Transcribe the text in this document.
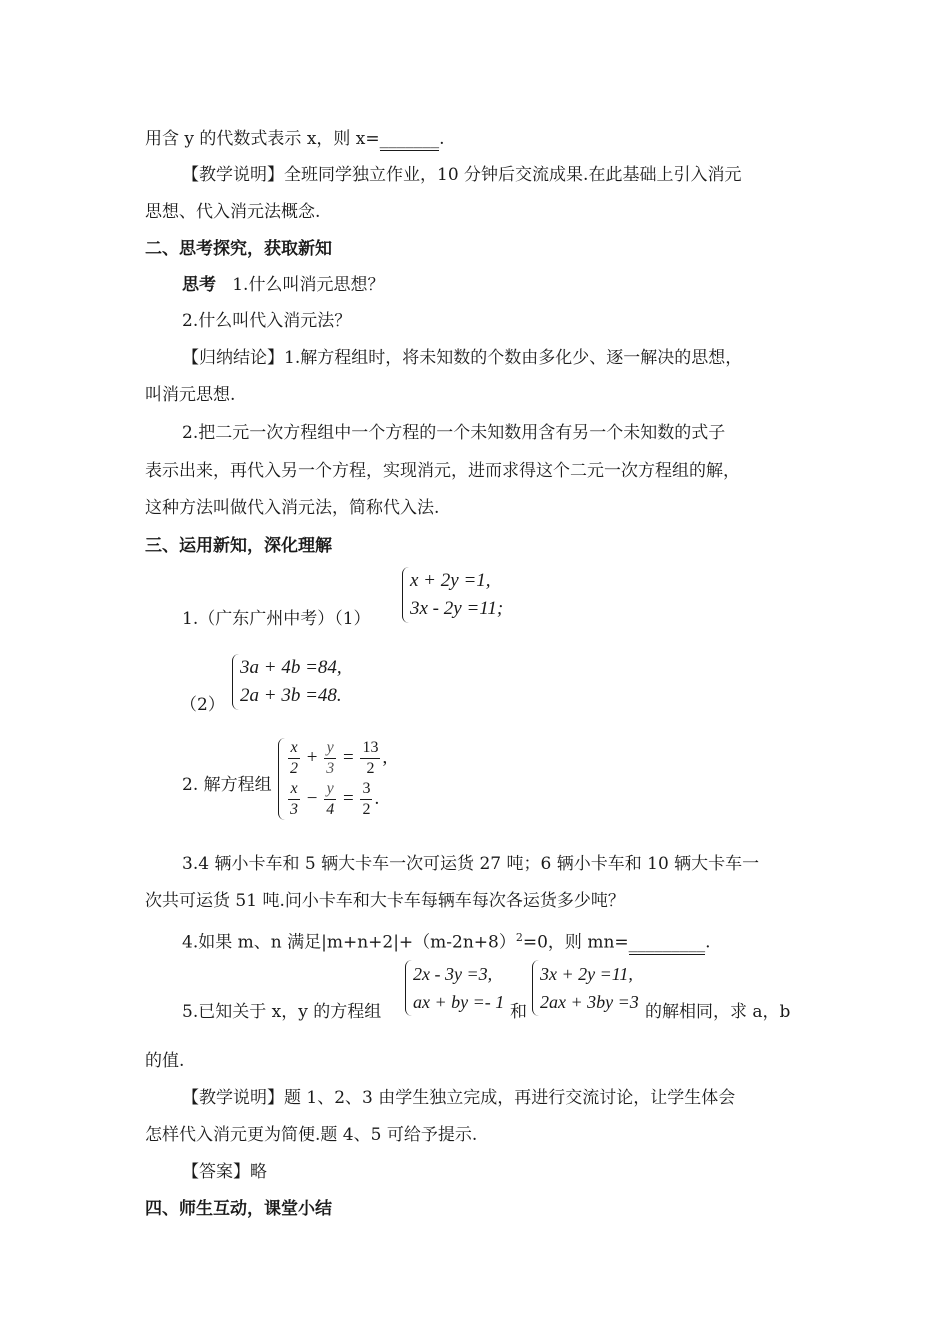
用含 y 的代数式表示 x，则 x=_______.
【教学说明】全班同学独立作业，10 分钟后交流成果.在此基础上引入消元
思想、代入消元法概念.
二、思考探究，获取新知
思考 1.什么叫消元思想？
2.什么叫代入消元法？
【归纳结论】1.解方程组时，将未知数的个数由多化少、逐一解决的思想，
叫消元思想.
2.把二元一次方程组中一个方程的一个未知数用含有另一个未知数的式子
表示出来，再代入另一个方程，实现消元，进而求得这个二元一次方程组的解，
这种方法叫做代入消元法，简称代入法.
三、运用新知，深化理解
1.（广东广州中考）（1）
x + 2y =1,
3x - 2y =11;
（2）
3a + 4b =84,
2a + 3b =48.
2. 解方程组
$\frac{x}{2} + \frac{y}{3} = \frac{13}{2}$ ,
$\frac{x}{3} - \frac{y}{4} = \frac{3}{2}$ .
3.4 辆小卡车和 5 辆大卡车一次可运货 27 吨；6 辆小卡车和 10 辆大卡车一
次共可运货 51 吨.问小卡车和大卡车每辆车每次各运货多少吨？
4.如果 m、n 满足$|m+n+2|+(m-2n+8)^2=0$，则 mn=_________.
5.已知关于 x，y 的方程组
2x - 3y =3,
ax + by =- 1 和
3x + 2y =11,
2ax + 3by =3 的解相同，求 a，b
的值.
【教学说明】题 1、2、3 由学生独立完成，再进行交流讨论，让学生体会
怎样代入消元更为简便.题 4、5 可给予提示.
【答案】略
四、师生互动，课堂小结
